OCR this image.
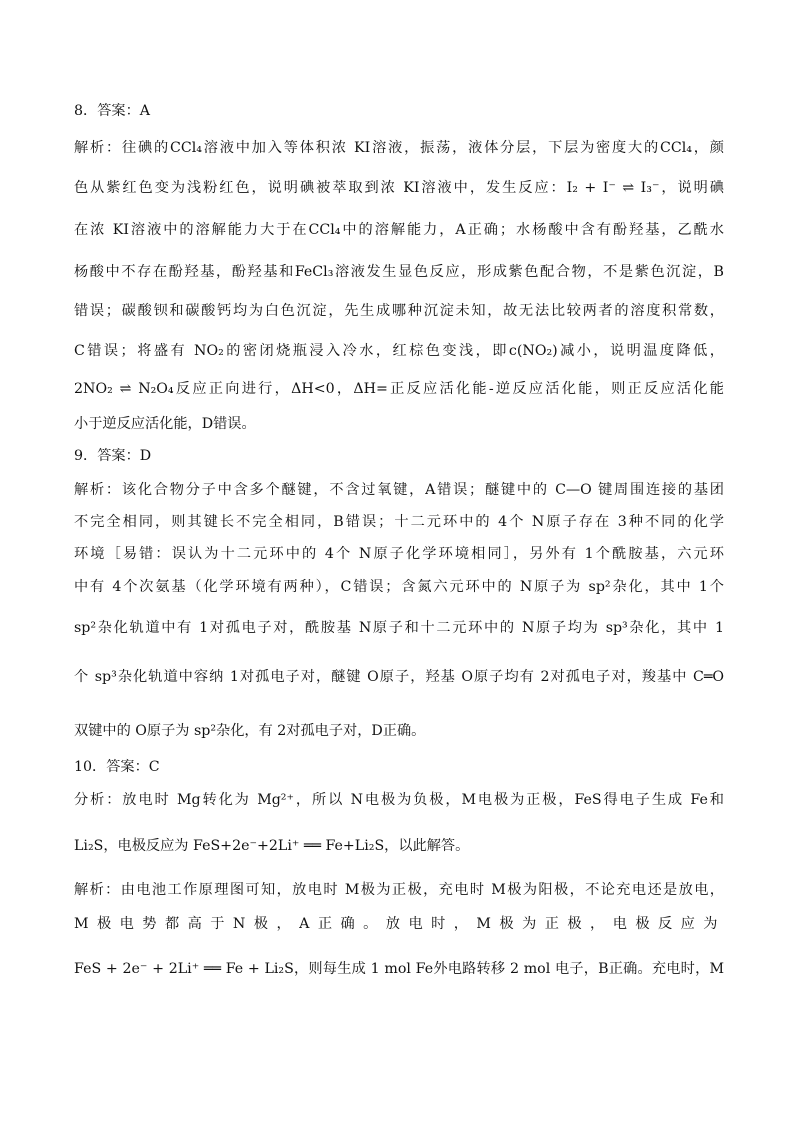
8．答案：A
解析：往碘的CCl₄溶液中加入等体积浓 KI溶液，振荡，液体分层，下层为密度大的CCl₄，颜
色从紫红色变为浅粉红色，说明碘被萃取到浓 KI溶液中，发生反应：I₂ + I⁻ ⇌ I₃⁻，说明碘
在浓 KI溶液中的溶解能力大于在CCl₄中的溶解能力，A正确；水杨酸中含有酚羟基，乙酰水
杨酸中不存在酚羟基，酚羟基和FeCl₃溶液发生显色反应，形成紫色配合物，不是紫色沉淀，B
错误；碳酸钡和碳酸钙均为白色沉淀，先生成哪种沉淀未知，故无法比较两者的溶度积常数，
C错误；将盛有 NO₂的密闭烧瓶浸入冷水，红棕色变浅，即c(NO₂)减小，说明温度降低，
2NO₂ ⇌ N₂O₄反应正向进行，ΔH<0，ΔH=正反应活化能-逆反应活化能，则正反应活化能
小于逆反应活化能，D错误。
9．答案：D
解析：该化合物分子中含多个醚键，不含过氧键，A错误；醚键中的 C—O 键周围连接的基团
不完全相同，则其键长不完全相同，B错误；十二元环中的 4个 N原子存在 3种不同的化学
环境［易错：误认为十二元环中的 4个 N原子化学环境相同］，另外有 1个酰胺基，六元环
中有 4个次氨基（化学环境有两种），C错误；含氮六元环中的 N原子为 sp²杂化，其中 1个
sp²杂化轨道中有 1对孤电子对，酰胺基 N原子和十二元环中的 N原子均为 sp³杂化，其中 1
个 sp³杂化轨道中容纳 1对孤电子对，醚键 O原子，羟基 O原子均有 2对孤电子对，羧基中 C═O
双键中的 O原子为 sp²杂化，有 2对孤电子对，D正确。
10．答案：C
分析：放电时 Mg转化为 Mg²⁺，所以 N电极为负极，M电极为正极，FeS得电子生成 Fe和
Li₂S，电极反应为 FeS+2e⁻+2Li⁺ ══ Fe+Li₂S，以此解答。
解析：由电池工作原理图可知，放电时 M极为正极，充电时 M极为阳极，不论充电还是放电，
M极电势都高于N极，A正确。放电时，M极为正极，电极反应为
FeS + 2e⁻ + 2Li⁺ ══ Fe + Li₂S，则每生成 1 mol Fe外电路转移 2 mol 电子，B正确。充电时，M
